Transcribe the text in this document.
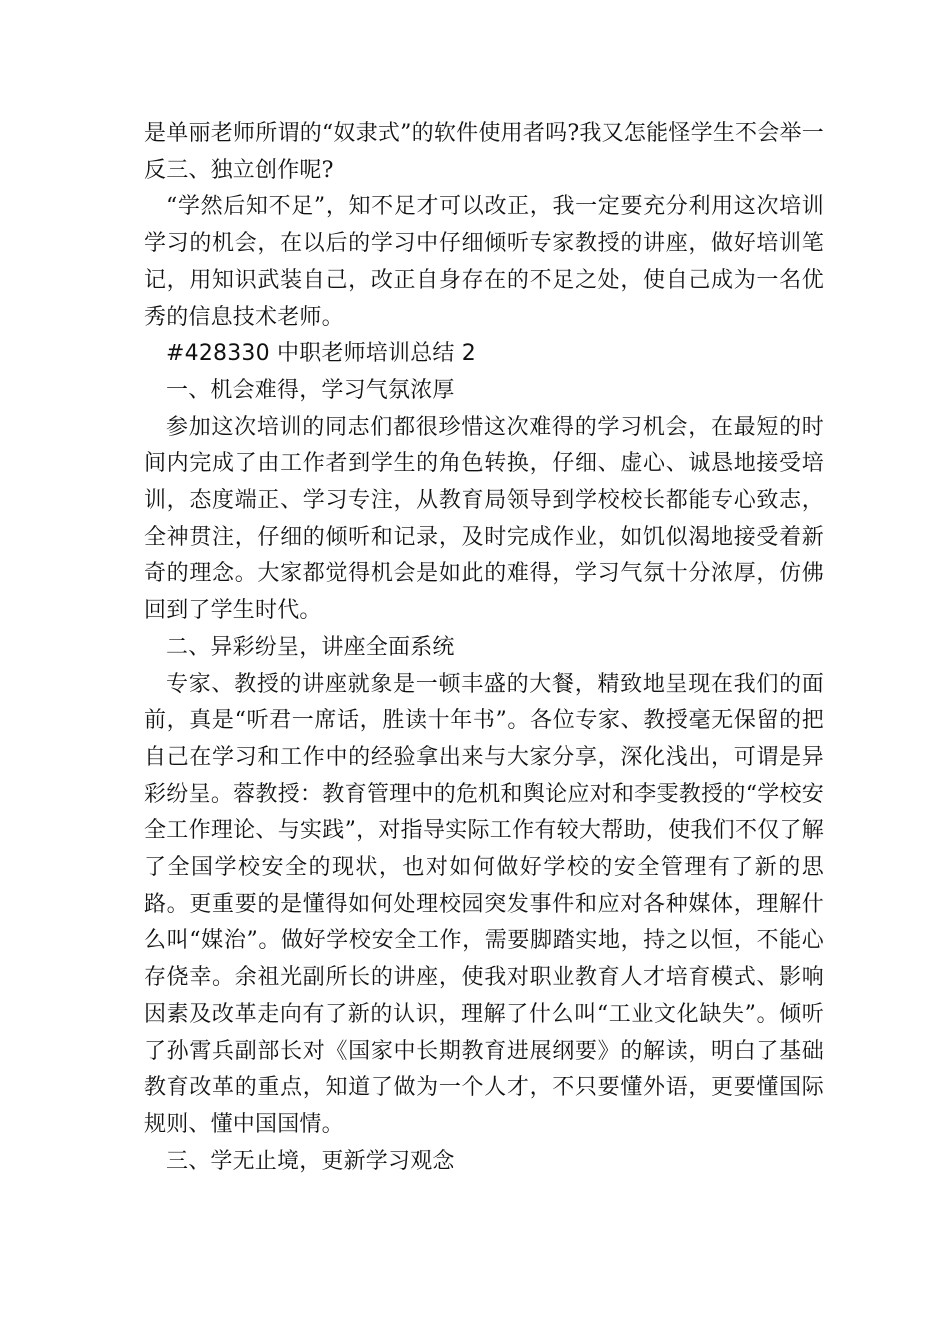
是单丽老师所谓的“奴隶式”的软件使用者吗?我又怎能怪学生不会举一反三、独立创作呢?

“学然后知不足”，知不足才可以改正，我一定要充分利用这次培训学习的机会，在以后的学习中仔细倾听专家教授的讲座，做好培训笔记，用知识武装自己，改正自身存在的不足之处，使自己成为一名优秀的信息技术老师。

#428330 中职老师培训总结 2

一、机会难得，学习气氛浓厚

参加这次培训的同志们都很珍惜这次难得的学习机会，在最短的时间内完成了由工作者到学生的角色转换，仔细、虚心、诚恳地接受培训，态度端正、学习专注，从教育局领导到学校校长都能专心致志，全神贯注，仔细的倾听和记录，及时完成作业，如饥似渴地接受着新奇的理念。大家都觉得机会是如此的难得，学习气氛十分浓厚，仿佛回到了学生时代。

二、异彩纷呈，讲座全面系统

专家、教授的讲座就象是一顿丰盛的大餐，精致地呈现在我们的面前，真是“听君一席话，胜读十年书”。各位专家、教授毫无保留的把自己在学习和工作中的经验拿出来与大家分享，深化浅出，可谓是异彩纷呈。蓉教授：教育管理中的危机和舆论应对和李雯教授的“学校安全工作理论、与实践”，对指导实际工作有较大帮助，使我们不仅了解了全国学校安全的现状，也对如何做好学校的安全管理有了新的思路。更重要的是懂得如何处理校园突发事件和应对各种媒体，理解什么叫“媒治”。做好学校安全工作，需要脚踏实地，持之以恒，不能心存侥幸。余祖光副所长的讲座，使我对职业教育人才培育模式、影响因素及改革走向有了新的认识，理解了什么叫“工业文化缺失”。倾听了孙霄兵副部长对《国家中长期教育进展纲要》的解读，明白了基础教育改革的重点，知道了做为一个人才，不只要懂外语，更要懂国际规则、懂中国国情。

三、学无止境，更新学习观念
